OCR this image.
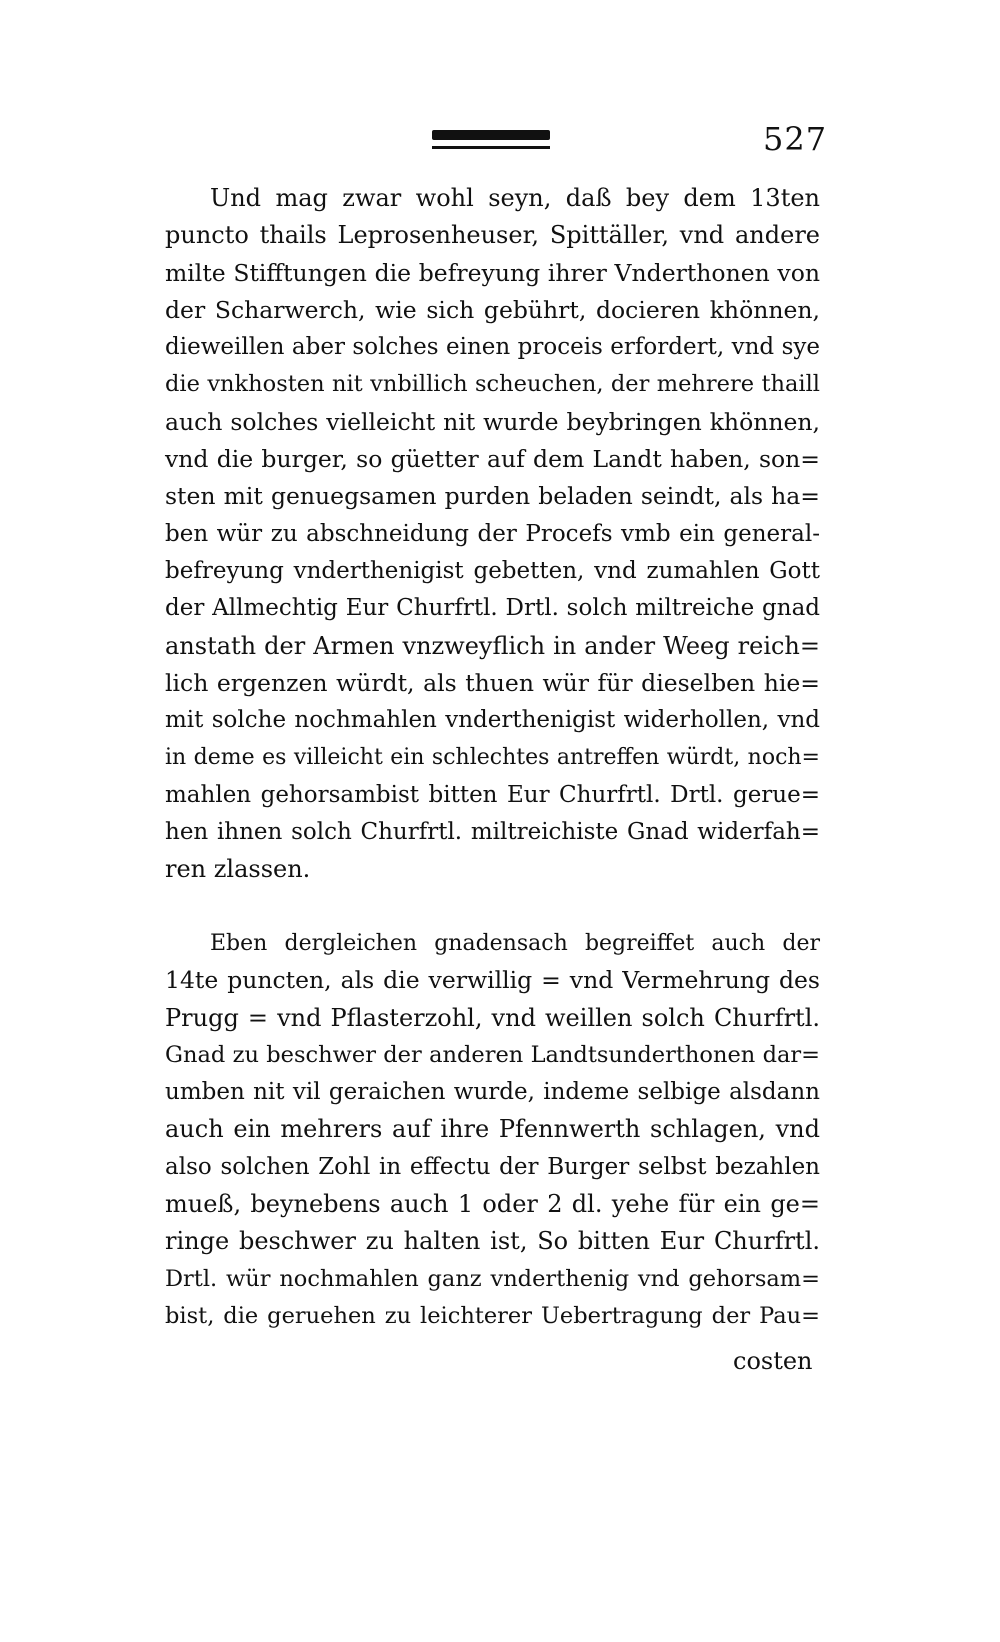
527
Und mag zwar wohl seyn, daß bey dem 13ten
puncto thails Leprosenheuser, Spittäller, vnd andere
milte Stifftungen die befreyung ihrer Vnderthonen von
der Scharwerch, wie sich gebührt, docieren khönnen,
dieweillen aber solches einen proceis erfordert, vnd sye
die vnkhosten nit vnbillich scheuchen, der mehrere thaill
auch solches vielleicht nit wurde beybringen khönnen,
vnd die burger, so güetter auf dem Landt haben, son=
sten mit genuegsamen purden beladen seindt, als ha=
ben wür zu abschneidung der Procefs vmb ein general-
befreyung vnderthenigist gebetten, vnd zumahlen Gott
der Allmechtig Eur Churfrtl. Drtl. solch miltreiche gnad
anstath der Armen vnzweyflich in ander Weeg reich=
lich ergenzen würdt, als thuen wür für dieselben hie=
mit solche nochmahlen vnderthenigist widerhollen, vnd
in deme es villeicht ein schlechtes antreffen würdt, noch=
mahlen gehorsambist bitten Eur Churfrtl. Drtl. gerue=
hen ihnen solch Churfrtl. miltreichiste Gnad widerfah=
ren zlassen.
Eben dergleichen gnadensach begreiffet auch der
14te puncten, als die verwillig = vnd Vermehrung des
Prugg = vnd Pflasterzohl, vnd weillen solch Churfrtl.
Gnad zu beschwer der anderen Landtsunderthonen dar=
umben nit vil geraichen wurde, indeme selbige alsdann
auch ein mehrers auf ihre Pfennwerth schlagen, vnd
also solchen Zohl in effectu der Burger selbst bezahlen
mueß, beynebens auch 1 oder 2 dl. yehe für ein ge=
ringe beschwer zu halten ist, So bitten Eur Churfrtl.
Drtl. wür nochmahlen ganz vnderthenig vnd gehorsam=
bist, die geruehen zu leichterer Uebertragung der Pau=
costen
